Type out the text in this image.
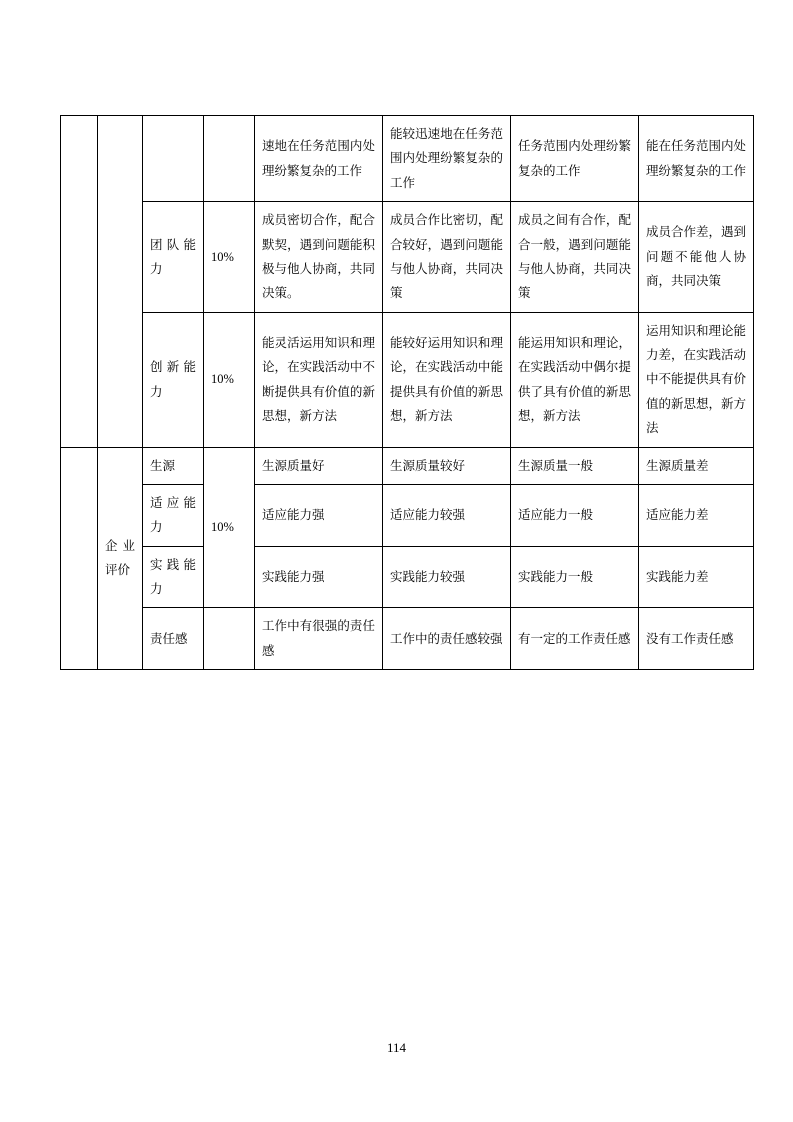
				速地在任务范围内处理纷繁复杂的工作	能较迅速地在任务范围内处理纷繁复杂的工作	任务范围内处理纷繁复杂的工作	能在任务范围内处理纷繁复杂的工作
		团队能力	10%	成员密切合作，配合默契，遇到问题能积极与他人协商，共同决策。	成员合作比密切，配合较好，遇到问题能与他人协商，共同决策	成员之间有合作，配合一般，遇到问题能与他人协商，共同决策	成员合作差，遇到问题不能他人协商，共同决策
		创新能力	10%	能灵活运用知识和理论，在实践活动中不断提供具有价值的新思想，新方法	能较好运用知识和理论，在实践活动中能提供具有价值的新思想，新方法	能运用知识和理论，在实践活动中偶尔提供了具有价值的新思想，新方法	运用知识和理论能力差，在实践活动中不能提供具有价值的新思想，新方法
	企业评价	生源	10%	生源质量好	生源质量较好	生源质量一般	生源质量差
		适应能力		适应能力强	适应能力较强	适应能力一般	适应能力差
		实践能力		实践能力强	实践能力较强	实践能力一般	实践能力差
		责任感		工作中有很强的责任感	工作中的责任感较强	有一定的工作责任感	没有工作责任感
114
